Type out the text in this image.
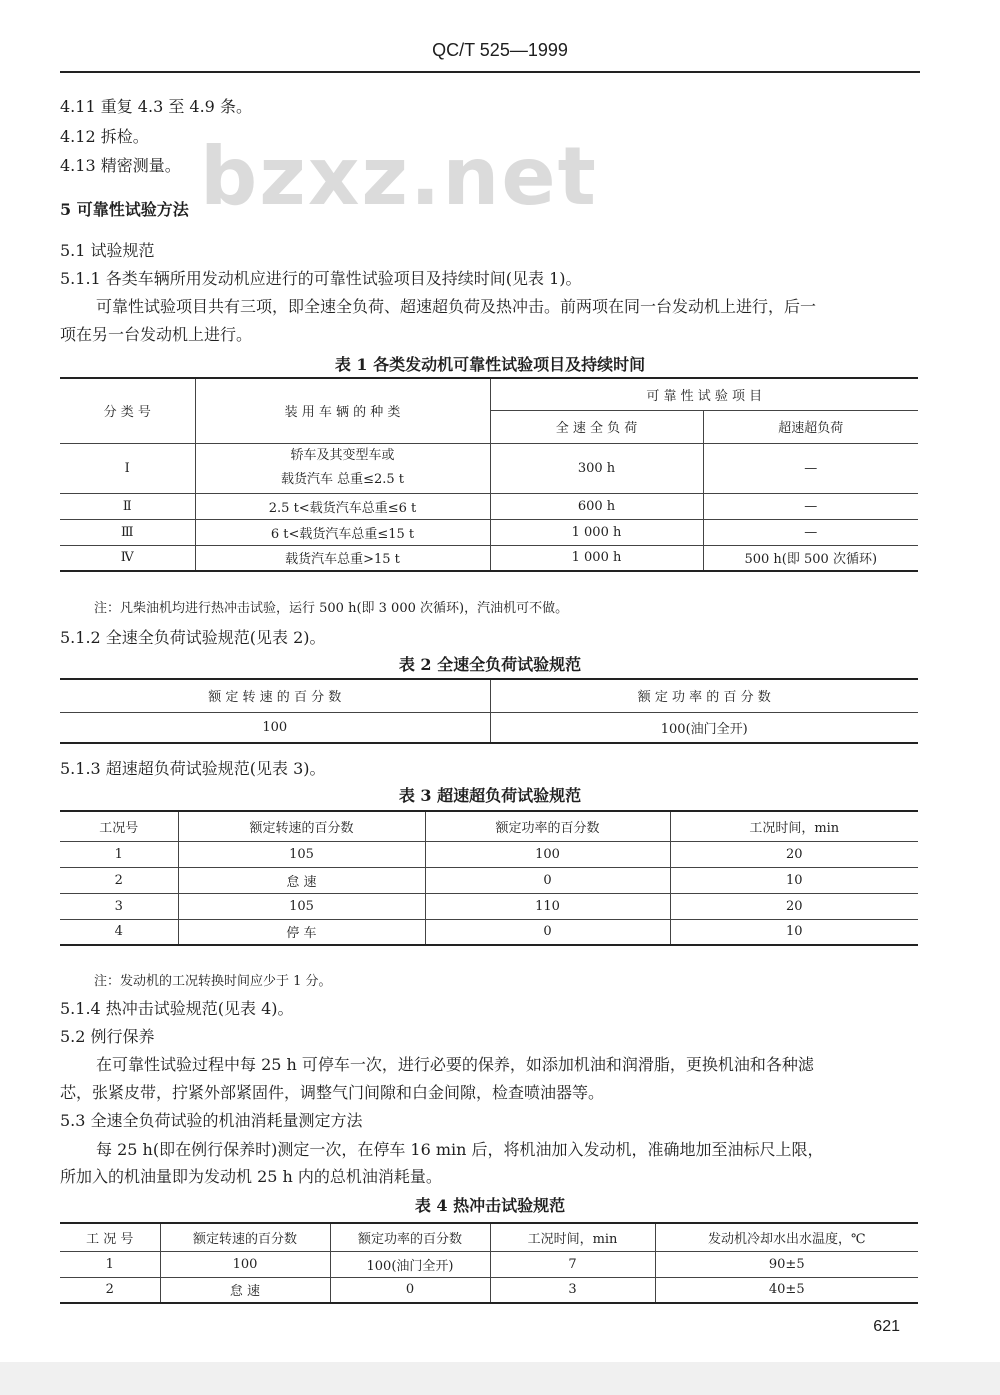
QC/T 525—1999
4.11 重复 4.3 至 4.9 条。
4.12 拆检。
4.13 精密测量。 bzxz.net
5 可靠性试验方法
5.1 试验规范
5.1.1 各类车辆所用发动机应进行的可靠性试验项目及持续时间(见表 1)。
可靠性试验项目共有三项，即全速全负荷、超速超负荷及热冲击。前两项在同一台发动机上进行，后一
项在另一台发动机上进行。
表 1 各类发动机可靠性试验项目及持续时间
分 类 号	装 用 车 辆 的 种 类	可 靠 性 试 验 项 目	
		全 速 全 负 荷	超速超负荷
Ⅰ	轿车及其变型车或
载货汽车 总重≤2.5 t	300 h	—
Ⅱ	2.5 t<载货汽车总重≤6 t	600 h	—
Ⅲ	6 t<载货汽车总重≤15 t	1 000 h	—
Ⅳ	载货汽车总重>15 t	1 000 h	500 h(即 500 次循环)
注：凡柴油机均进行热冲击试验，运行 500 h(即 3 000 次循环)，汽油机可不做。
5.1.2 全速全负荷试验规范(见表 2)。
表 2 全速全负荷试验规范
额 定 转 速 的 百 分 数	额 定 功 率 的 百 分 数
100	100(油门全开)
5.1.3 超速超负荷试验规范(见表 3)。
表 3 超速超负荷试验规范
工况号	额定转速的百分数	额定功率的百分数	工况时间，min
1	105	100	20
2	怠 速	0	10
3	105	110	20
4	停 车	0	10
注：发动机的工况转换时间应少于 1 分。
5.1.4 热冲击试验规范(见表 4)。
5.2 例行保养
在可靠性试验过程中每 25 h 可停车一次，进行必要的保养，如添加机油和润滑脂，更换机油和各种滤
芯，张紧皮带，拧紧外部紧固件，调整气门间隙和白金间隙，检查喷油器等。
5.3 全速全负荷试验的机油消耗量测定方法
每 25 h(即在例行保养时)测定一次，在停车 16 min 后，将机油加入发动机，准确地加至油标尺上限，
所加入的机油量即为发动机 25 h 内的总机油消耗量。
表 4 热冲击试验规范
工 况 号	额定转速的百分数	额定功率的百分数	工况时间，min	发动机冷却水出水温度，℃
1	100	100(油门全开)	7	90±5
2	怠 速	0	3	40±5
621
